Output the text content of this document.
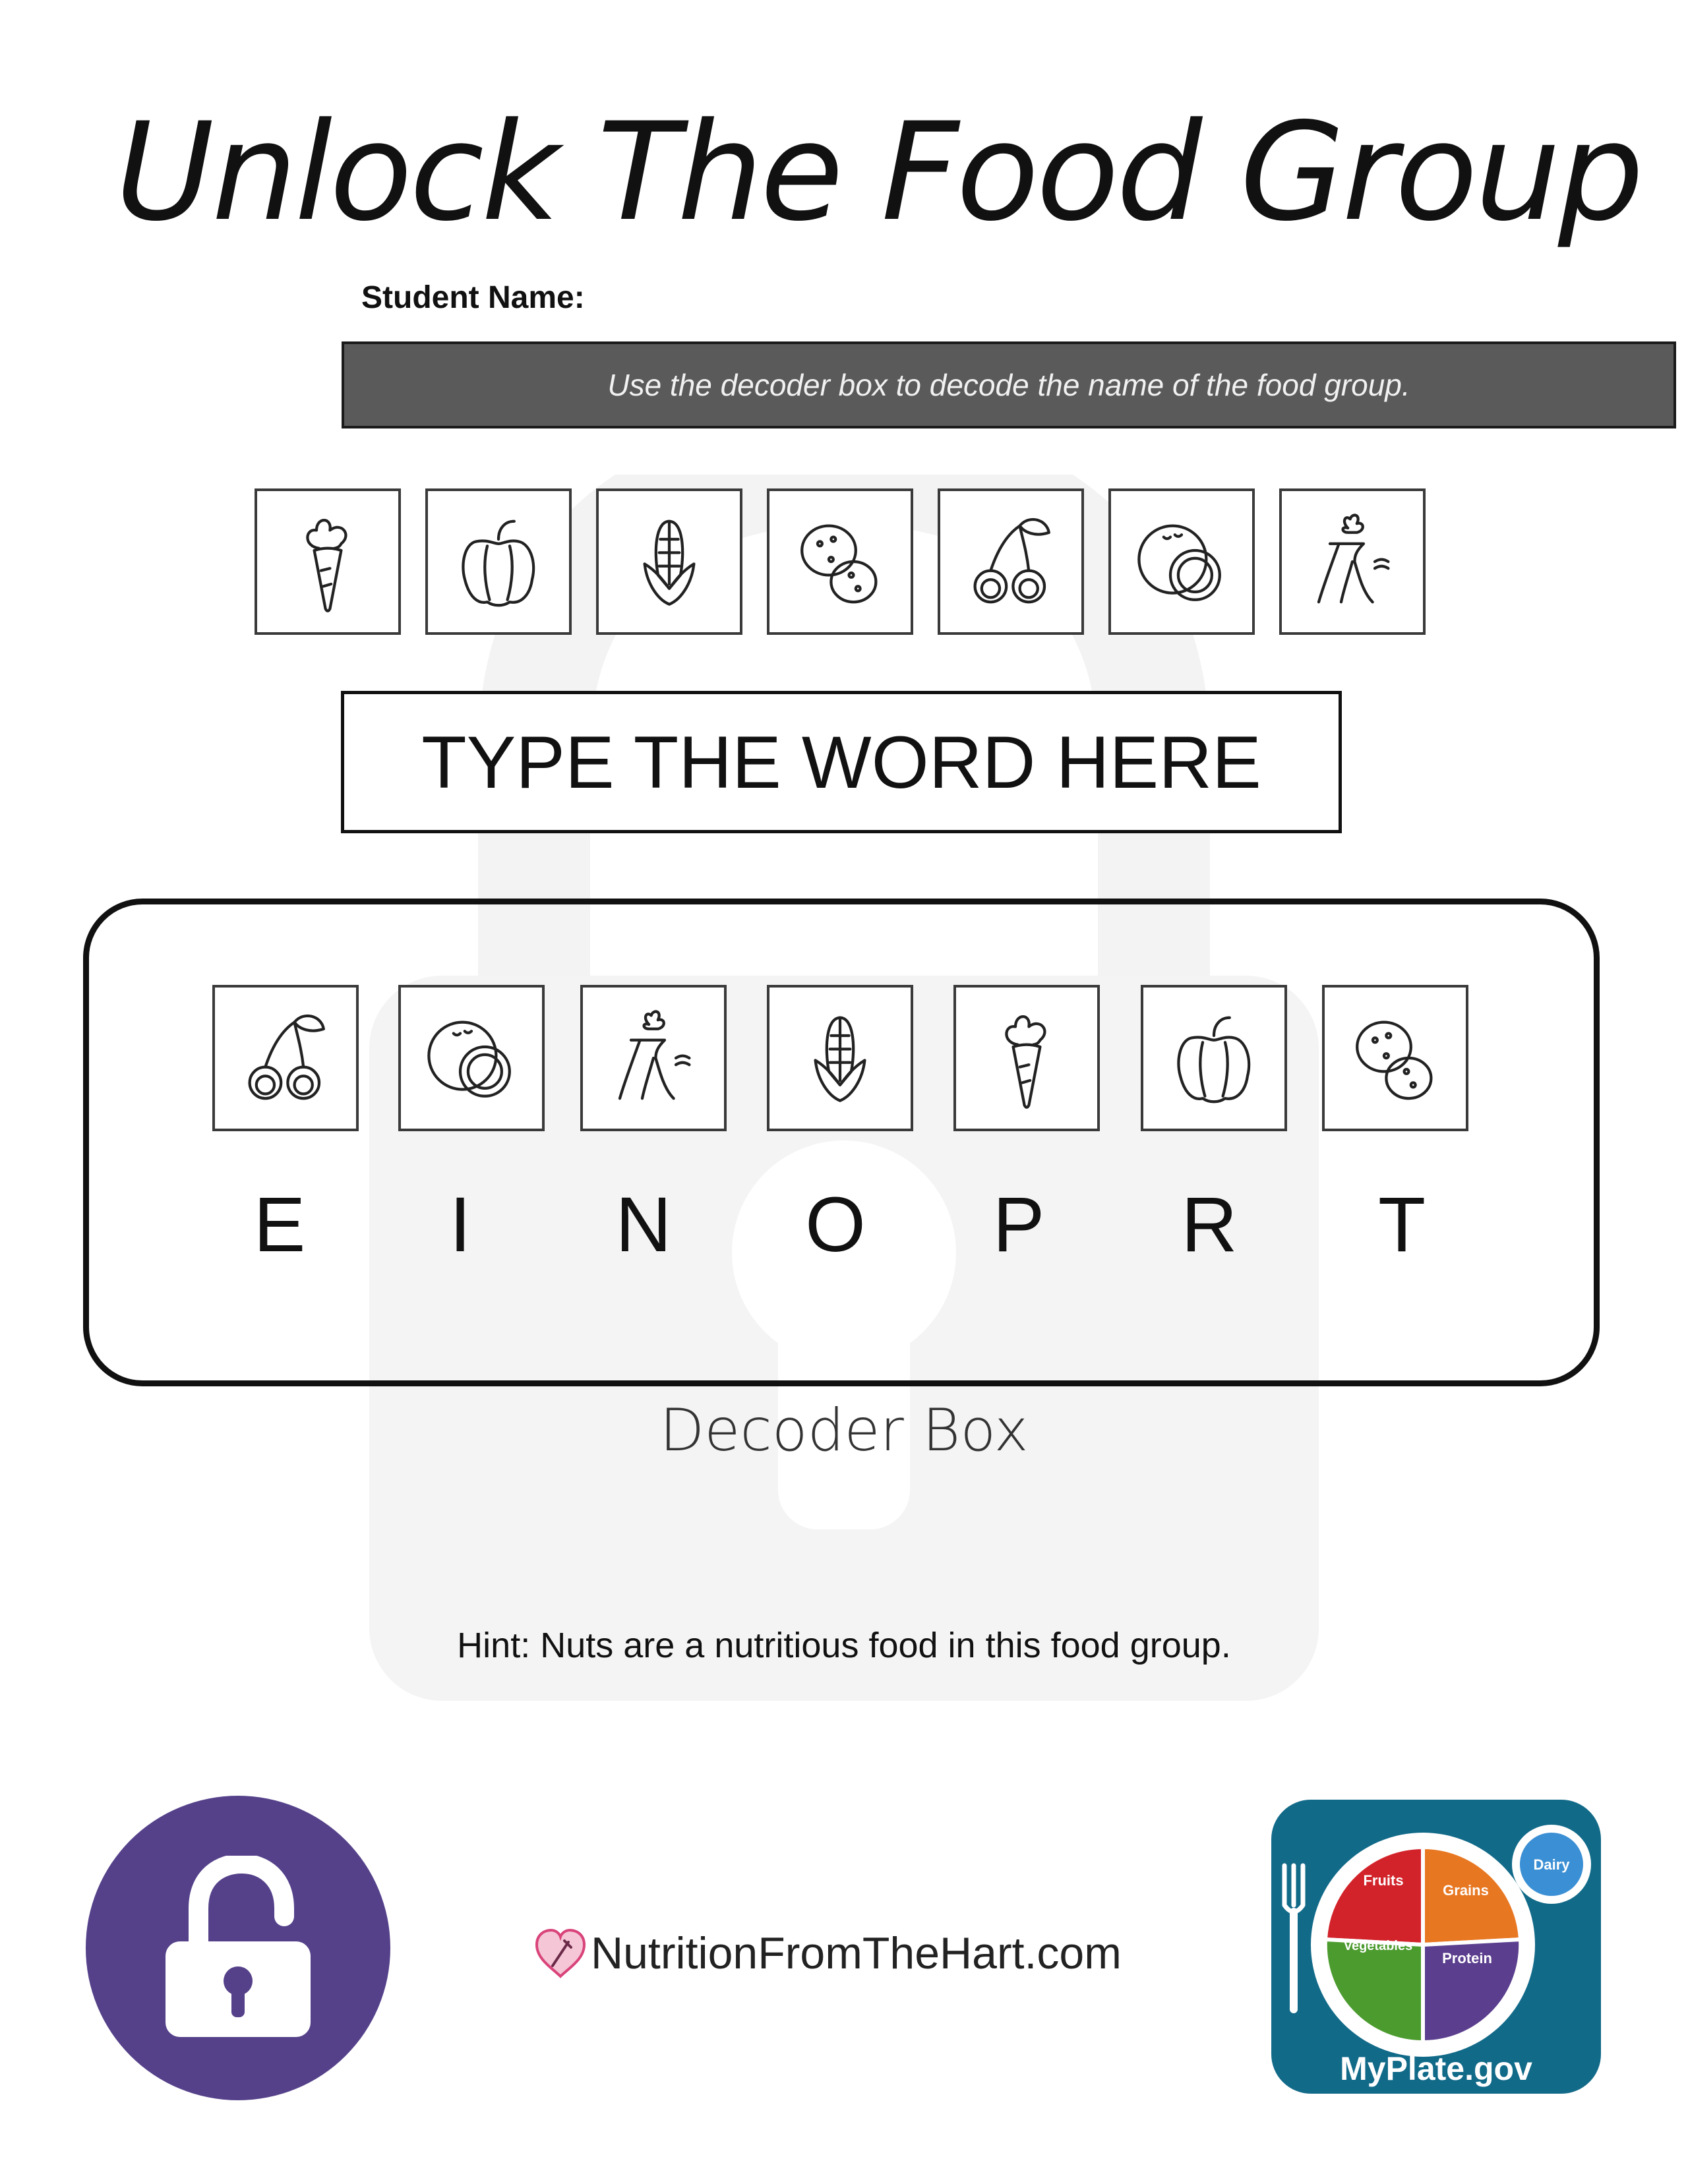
Unlock The Food Group
Student Name:
Use the decoder box to decode the name of the food group.
TYPE THE WORD HERE
E	I	N	O	P	R	T
Decoder Box
Hint: Nuts are a nutritious food in this food group.
NutritionFromTheHart.com
Fruits
Grains
Vegetables
Protein
Dairy
MyPlate.gov
